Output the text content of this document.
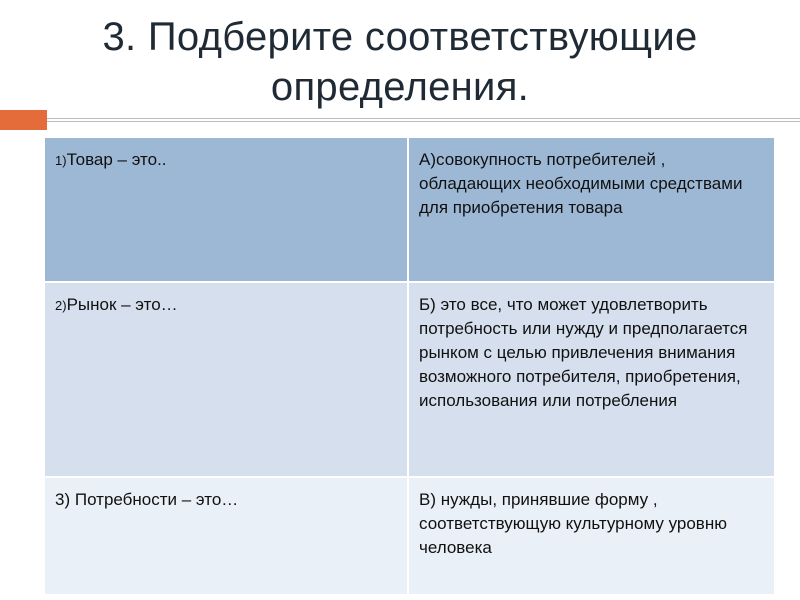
3. Подберите соответствующие
определения.
1)Товар – это..	А)совокупность потребителей , обладающих необходимыми средствами для приобретения товара
2)Рынок – это…	Б) это все, что может удовлетворить потребность или нужду и предполагается рынком с целью привлечения внимания возможного потребителя, приобретения, использования или потребления
3) Потребности – это…	В) нужды, принявшие форму , соответствующую культурному уровню человека
